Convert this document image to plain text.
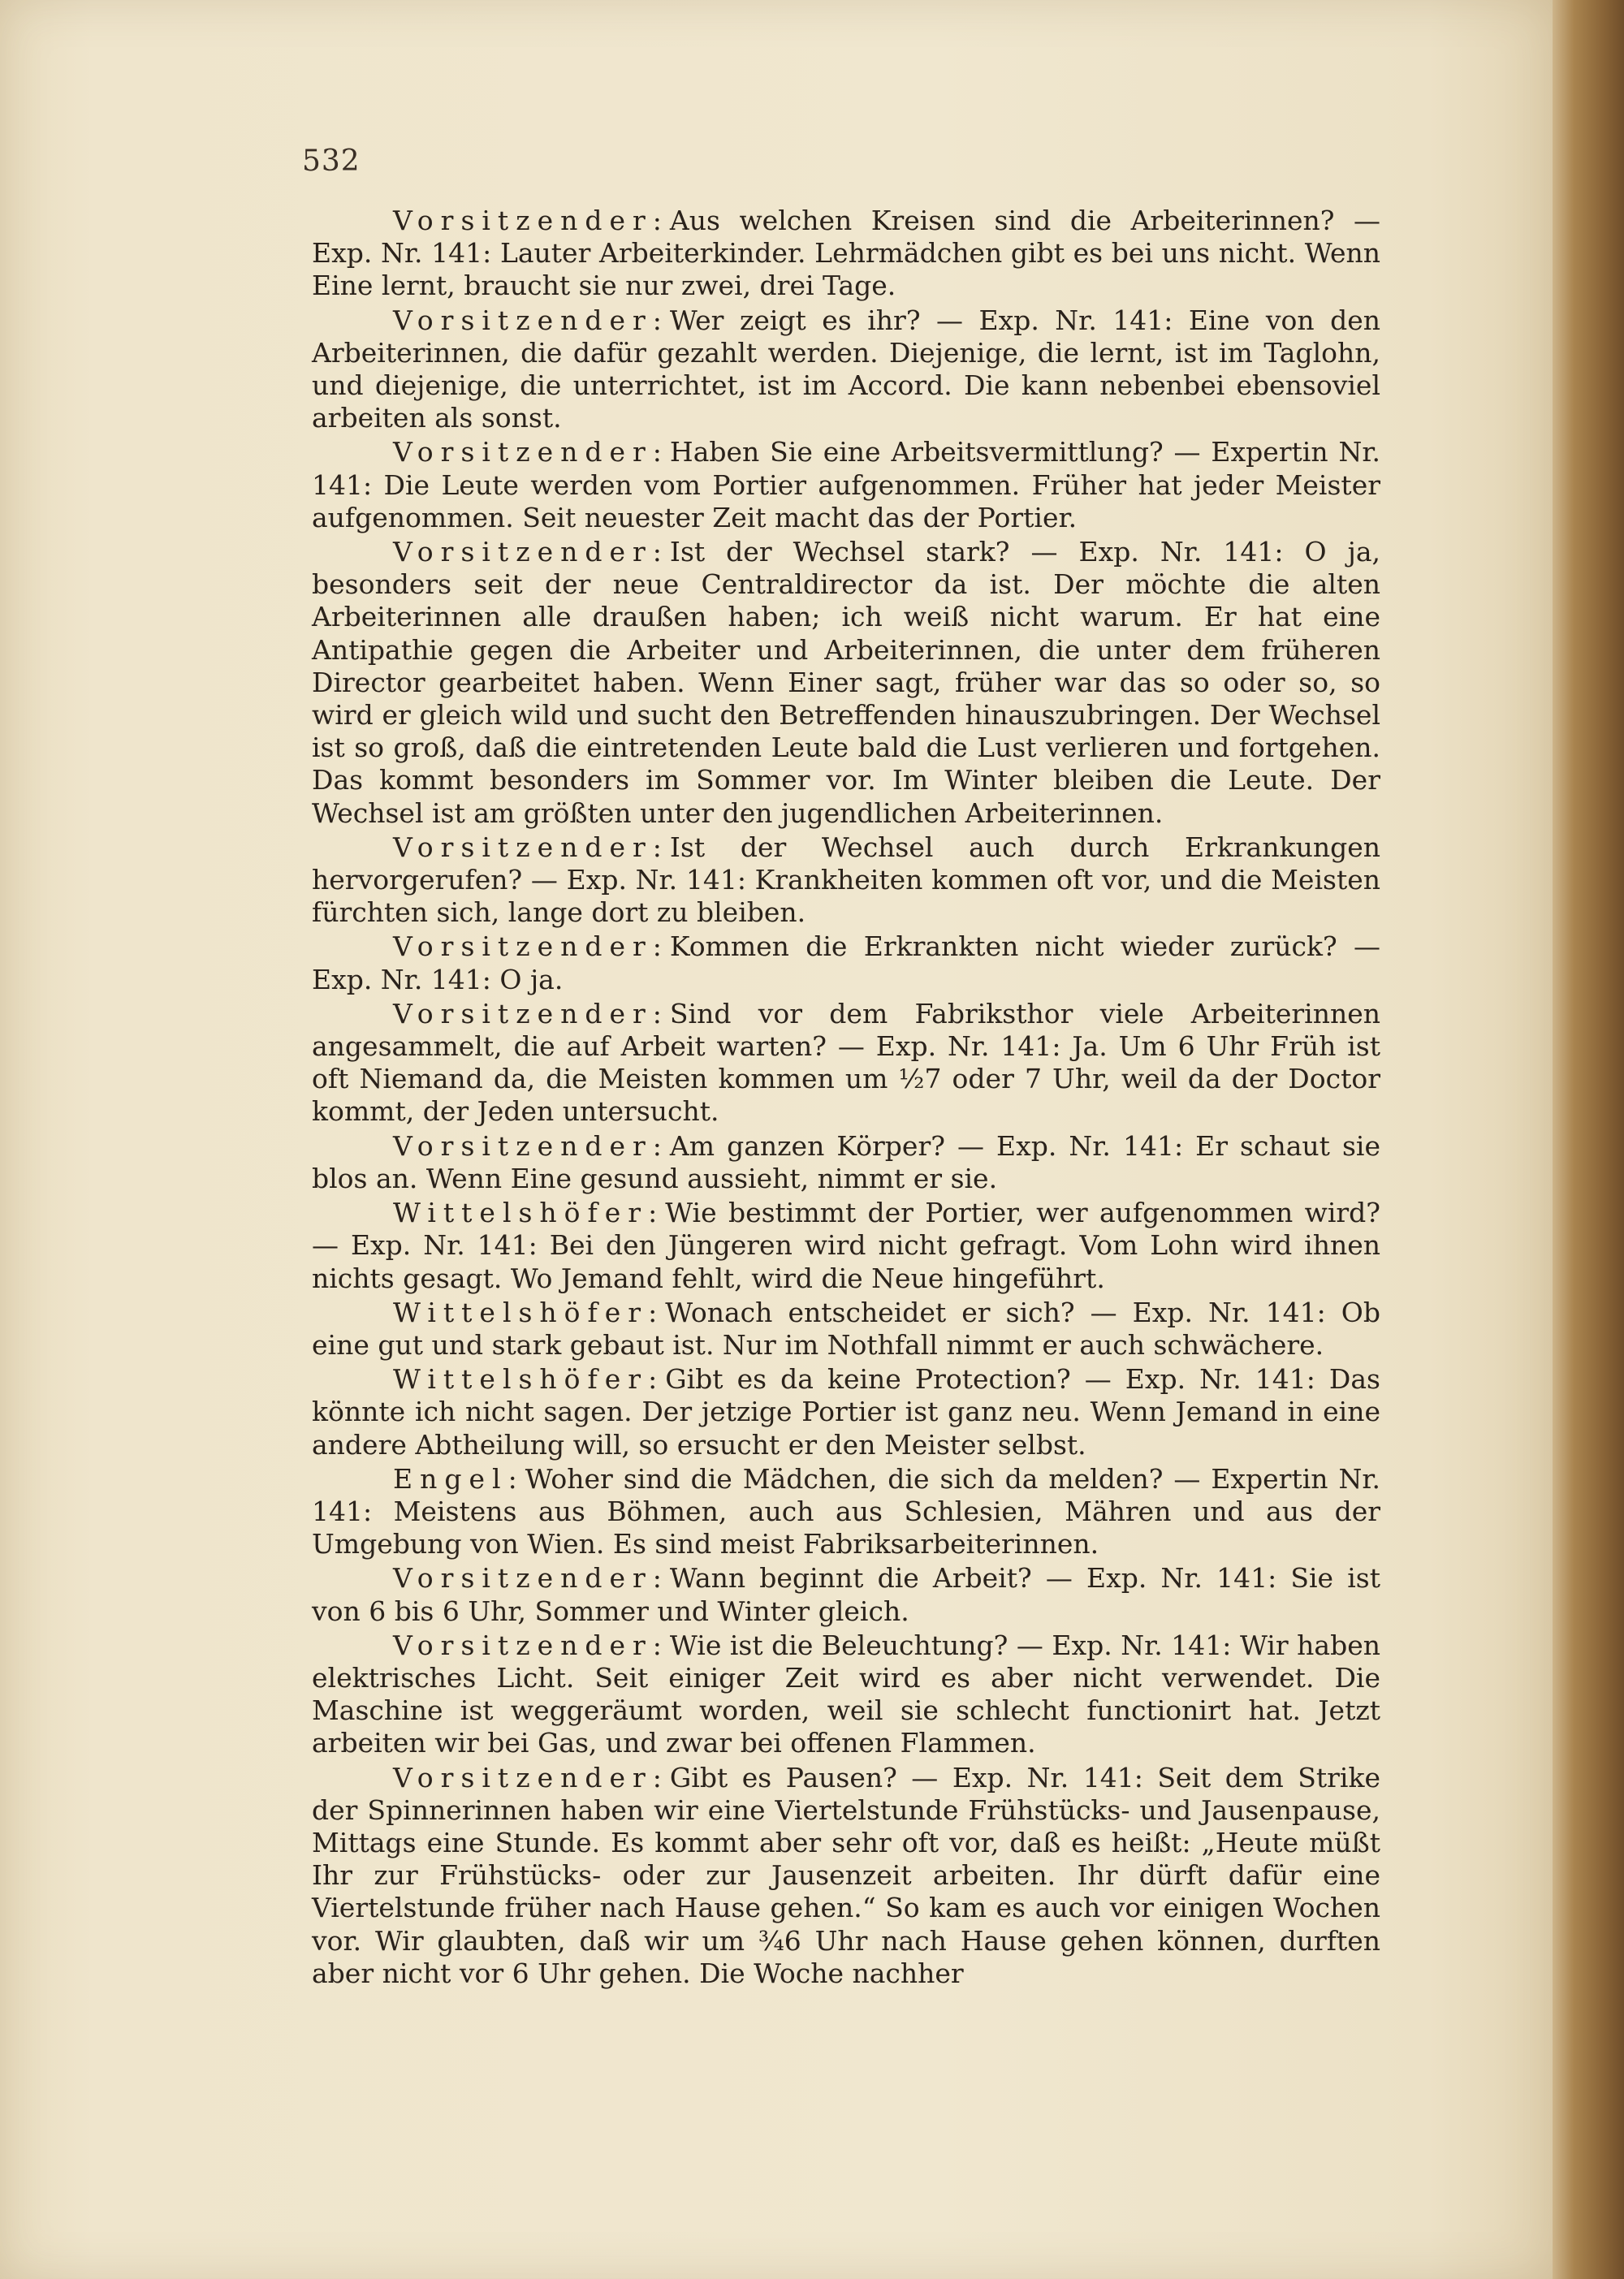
532

Vorsitzender: Aus welchen Kreisen sind die Arbeiterinnen? — Exp. Nr. 141: Lauter Arbeiterkinder. Lehrmädchen gibt es bei uns nicht. Wenn Eine lernt, braucht sie nur zwei, drei Tage.

Vorsitzender: Wer zeigt es ihr? — Exp. Nr. 141: Eine von den Arbeiterinnen, die dafür gezahlt werden. Diejenige, die lernt, ist im Taglohn, und diejenige, die unterrichtet, ist im Accord. Die kann nebenbei ebensoviel arbeiten als sonst.

Vorsitzender: Haben Sie eine Arbeitsvermittlung? — Expertin Nr. 141: Die Leute werden vom Portier aufgenommen. Früher hat jeder Meister aufgenommen. Seit neuester Zeit macht das der Portier.

Vorsitzender: Ist der Wechsel stark? — Exp. Nr. 141: O ja, besonders seit der neue Centraldirector da ist. Der möchte die alten Arbeiterinnen alle draußen haben; ich weiß nicht warum. Er hat eine Antipathie gegen die Arbeiter und Arbeiterinnen, die unter dem früheren Director gearbeitet haben. Wenn Einer sagt, früher war das so oder so, so wird er gleich wild und sucht den Betreffenden hinauszubringen. Der Wechsel ist so groß, daß die eintretenden Leute bald die Lust verlieren und fortgehen. Das kommt besonders im Sommer vor. Im Winter bleiben die Leute. Der Wechsel ist am größten unter den jugendlichen Arbeiterinnen.

Vorsitzender: Ist der Wechsel auch durch Erkrankungen hervorgerufen? — Exp. Nr. 141: Krankheiten kommen oft vor, und die Meisten fürchten sich, lange dort zu bleiben.

Vorsitzender: Kommen die Erkrankten nicht wieder zurück? — Exp. Nr. 141: O ja.

Vorsitzender: Sind vor dem Fabriksthor viele Arbeiterinnen angesammelt, die auf Arbeit warten? — Exp. Nr. 141: Ja. Um 6 Uhr Früh ist oft Niemand da, die Meisten kommen um ½7 oder 7 Uhr, weil da der Doctor kommt, der Jeden untersucht.

Vorsitzender: Am ganzen Körper? — Exp. Nr. 141: Er schaut sie blos an. Wenn Eine gesund aussieht, nimmt er sie.

Wittelshöfer: Wie bestimmt der Portier, wer aufgenommen wird? — Exp. Nr. 141: Bei den Jüngeren wird nicht gefragt. Vom Lohn wird ihnen nichts gesagt. Wo Jemand fehlt, wird die Neue hingeführt.

Wittelshöfer: Wonach entscheidet er sich? — Exp. Nr. 141: Ob eine gut und stark gebaut ist. Nur im Nothfall nimmt er auch schwächere.

Wittelshöfer: Gibt es da keine Protection? — Exp. Nr. 141: Das könnte ich nicht sagen. Der jetzige Portier ist ganz neu. Wenn Jemand in eine andere Abtheilung will, so ersucht er den Meister selbst.

Engel: Woher sind die Mädchen, die sich da melden? — Expertin Nr. 141: Meistens aus Böhmen, auch aus Schlesien, Mähren und aus der Umgebung von Wien. Es sind meist Fabriksarbeiterinnen.

Vorsitzender: Wann beginnt die Arbeit? — Exp. Nr. 141: Sie ist von 6 bis 6 Uhr, Sommer und Winter gleich.

Vorsitzender: Wie ist die Beleuchtung? — Exp. Nr. 141: Wir haben elektrisches Licht. Seit einiger Zeit wird es aber nicht verwendet. Die Maschine ist weggeräumt worden, weil sie schlecht functionirt hat. Jetzt arbeiten wir bei Gas, und zwar bei offenen Flammen.

Vorsitzender: Gibt es Pausen? — Exp. Nr. 141: Seit dem Strike der Spinnerinnen haben wir eine Viertelstunde Frühstücks- und Jausenpause, Mittags eine Stunde. Es kommt aber sehr oft vor, daß es heißt: „Heute müßt Ihr zur Frühstücks- oder zur Jausenzeit arbeiten. Ihr dürft dafür eine Viertelstunde früher nach Hause gehen.“ So kam es auch vor einigen Wochen vor. Wir glaubten, daß wir um ¾6 Uhr nach Hause gehen können, durften aber nicht vor 6 Uhr gehen. Die Woche nachher
